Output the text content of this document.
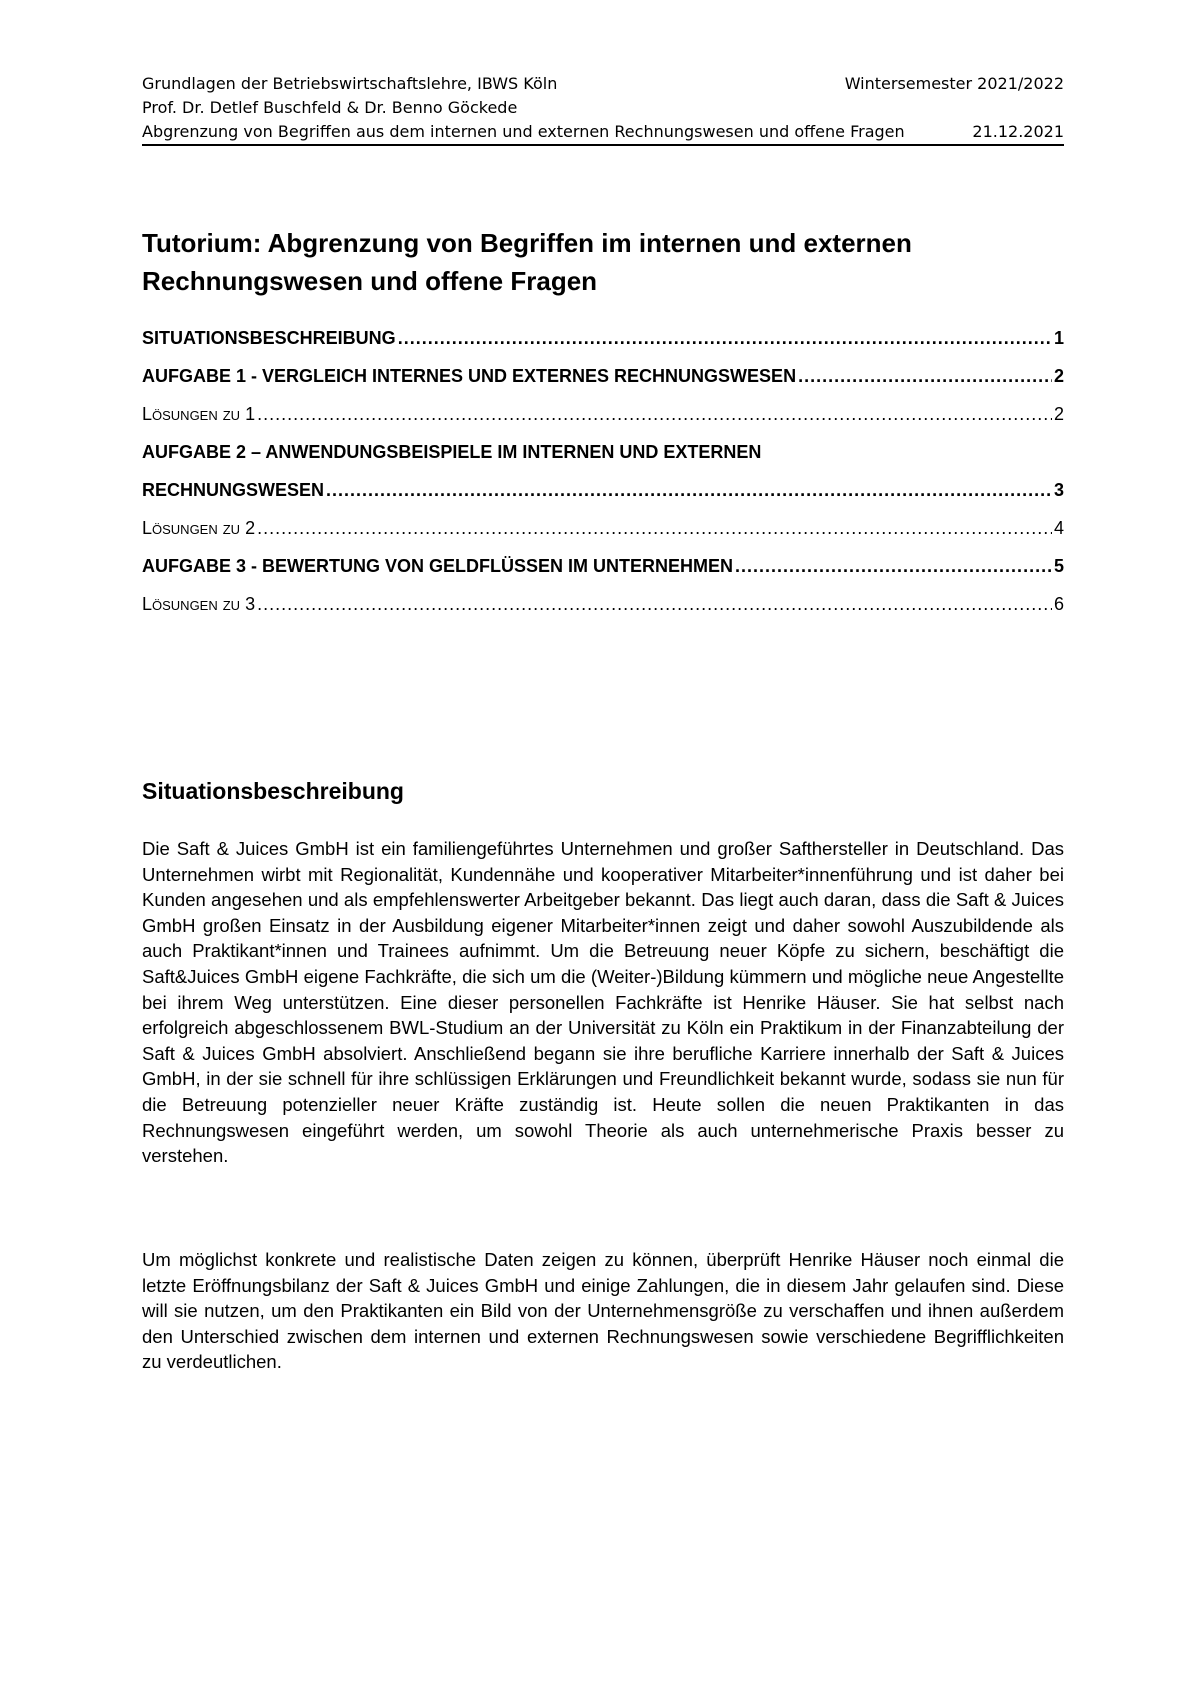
Grundlagen der Betriebswirtschaftslehre, IBWS Köln	Wintersemester 2021/2022
Prof. Dr. Detlef Buschfeld & Dr. Benno Göckede
Abgrenzung von Begriffen aus dem internen und externen Rechnungswesen und offene Fragen	21.12.2021
Tutorium: Abgrenzung von Begriffen im internen und externen
Rechnungswesen und offene Fragen
SITUATIONSBESCHREIBUNG .....	1
AUFGABE 1 - VERGLEICH INTERNES UND EXTERNES RECHNUNGSWESEN .....	2
Lösungen zu 1 .....	2
AUFGABE 2 – ANWENDUNGSBEISPIELE IM INTERNEN UND EXTERNEN
RECHNUNGSWESEN .....	3
Lösungen zu 2 .....	4
AUFGABE 3 - BEWERTUNG VON GELDFLÜSSEN IM UNTERNEHMEN .....	5
Lösungen zu 3 .....	6
Situationsbeschreibung

Die Saft & Juices GmbH ist ein familiengeführtes Unternehmen und großer Safthersteller in Deutschland. Das Unternehmen wirbt mit Regionalität, Kundennähe und kooperativer Mitarbeiter*innenführung und ist daher bei Kunden angesehen und als empfehlenswerter Arbeitgeber bekannt. Das liegt auch daran, dass die Saft & Juices GmbH großen Einsatz in der Ausbildung eigener Mitarbeiter*innen zeigt und daher sowohl Auszubildende als auch Praktikant*innen und Trainees aufnimmt. Um die Betreuung neuer Köpfe zu sichern, beschäftigt die Saft&Juices GmbH eigene Fachkräfte, die sich um die (Weiter-)Bildung kümmern und mögliche neue Angestellte bei ihrem Weg unterstützen. Eine dieser personellen Fachkräfte ist Henrike Häuser. Sie hat selbst nach erfolgreich abgeschlossenem BWL-Studium an der Universität zu Köln ein Praktikum in der Finanzabteilung der Saft & Juices GmbH absolviert. Anschließend begann sie ihre berufliche Karriere innerhalb der Saft & Juices GmbH, in der sie schnell für ihre schlüssigen Erklärungen und Freundlichkeit bekannt wurde, sodass sie nun für die Betreuung potenzieller neuer Kräfte zuständig ist. Heute sollen die neuen Praktikanten in das Rechnungswesen eingeführt werden, um sowohl Theorie als auch unternehmerische Praxis besser zu verstehen.

Um möglichst konkrete und realistische Daten zeigen zu können, überprüft Henrike Häuser noch einmal die letzte Eröffnungsbilanz der Saft & Juices GmbH und einige Zahlungen, die in diesem Jahr gelaufen sind. Diese will sie nutzen, um den Praktikanten ein Bild von der Unternehmensgröße zu verschaffen und ihnen außerdem den Unterschied zwischen dem internen und externen Rechnungswesen sowie verschiedene Begrifflichkeiten zu verdeutlichen.
